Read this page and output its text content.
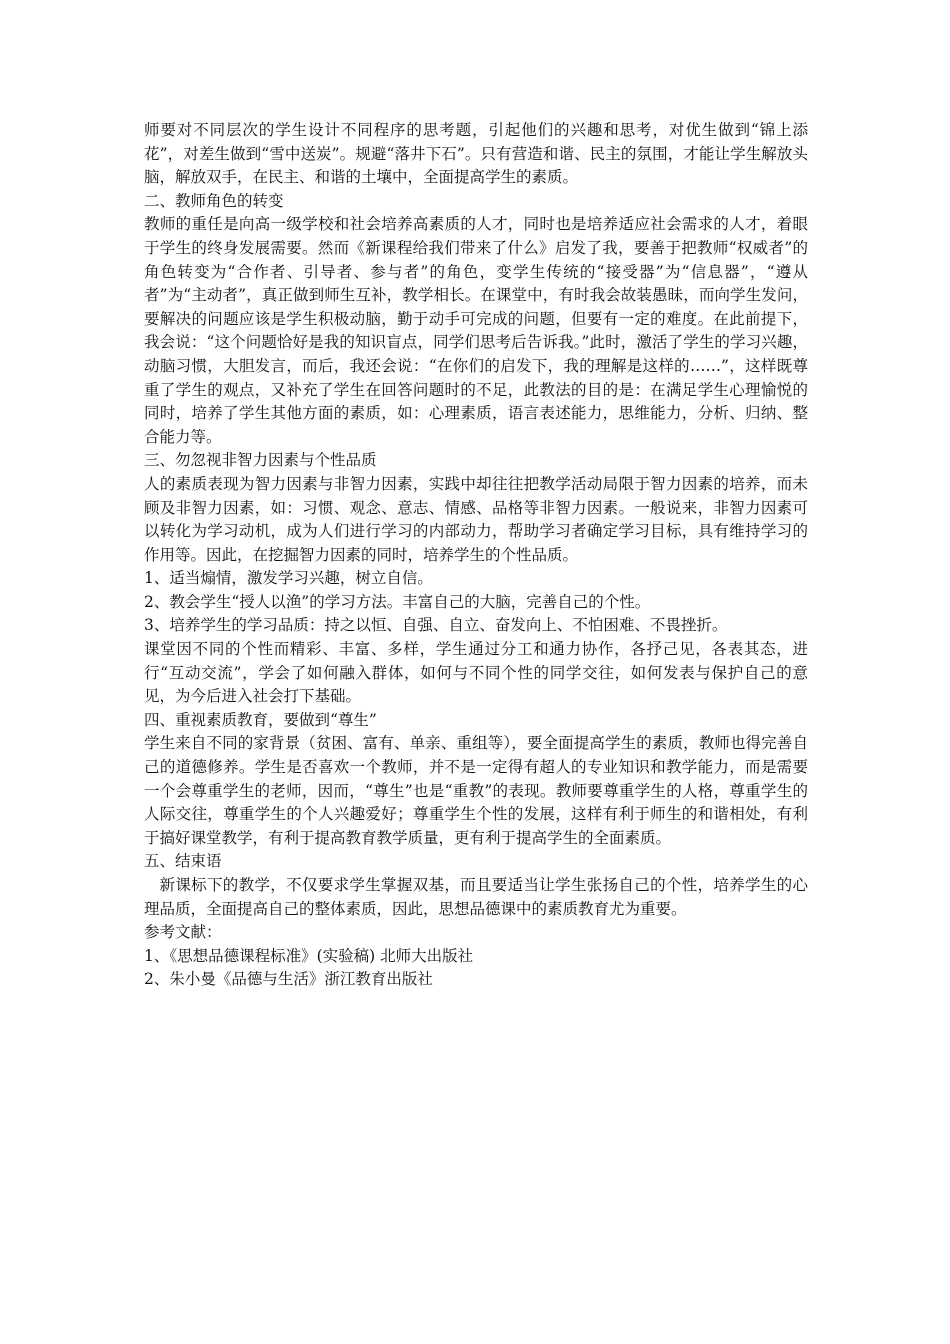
师要对不同层次的学生设计不同程序的思考题，引起他们的兴趣和思考，对优生做到“锦上添花”，对差生做到“雪中送炭”。规避“落井下石”。只有营造和谐、民主的氛围，才能让学生解放头脑，解放双手，在民主、和谐的土壤中，全面提高学生的素质。

二、教师角色的转变

教师的重任是向高一级学校和社会培养高素质的人才，同时也是培养适应社会需求的人才，着眼于学生的终身发展需要。然而《新课程给我们带来了什么》启发了我，要善于把教师“权威者”的角色转变为“合作者、引导者、参与者”的角色，变学生传统的“接受器”为“信息器”，“遵从者”为“主动者”，真正做到师生互补，教学相长。在课堂中，有时我会故装愚昧，而向学生发问，要解决的问题应该是学生积极动脑，勤于动手可完成的问题，但要有一定的难度。在此前提下，我会说：“这个问题恰好是我的知识盲点，同学们思考后告诉我。”此时，激活了学生的学习兴趣，动脑习惯，大胆发言，而后，我还会说：“在你们的启发下，我的理解是这样的……”，这样既尊重了学生的观点，又补充了学生在回答问题时的不足，此教法的目的是：在满足学生心理愉悦的同时，培养了学生其他方面的素质，如：心理素质，语言表述能力，思维能力，分析、归纳、整合能力等。

三、勿忽视非智力因素与个性品质

人的素质表现为智力因素与非智力因素，实践中却往往把教学活动局限于智力因素的培养，而未顾及非智力因素，如：习惯、观念、意志、情感、品格等非智力因素。一般说来，非智力因素可以转化为学习动机，成为人们进行学习的内部动力，帮助学习者确定学习目标，具有维持学习的作用等。因此，在挖掘智力因素的同时，培养学生的个性品质。

1、适当煽情，激发学习兴趣，树立自信。

2、教会学生“授人以渔”的学习方法。丰富自己的大脑，完善自己的个性。

3、培养学生的学习品质：持之以恒、自强、自立、奋发向上、不怕困难、不畏挫折。

课堂因不同的个性而精彩、丰富、多样，学生通过分工和通力协作，各抒己见，各表其态，进行“互动交流”，学会了如何融入群体，如何与不同个性的同学交往，如何发表与保护自己的意见，为今后进入社会打下基础。

四、重视素质教育，要做到“尊生”

学生来自不同的家背景（贫困、富有、单亲、重组等），要全面提高学生的素质，教师也得完善自己的道德修养。学生是否喜欢一个教师，并不是一定得有超人的专业知识和教学能力，而是需要一个会尊重学生的老师，因而，“尊生”也是“重教”的表现。教师要尊重学生的人格，尊重学生的人际交往，尊重学生的个人兴趣爱好；尊重学生个性的发展，这样有利于师生的和谐相处，有利于搞好课堂教学，有利于提高教育教学质量，更有利于提高学生的全面素质。

五、结束语

新课标下的教学，不仅要求学生掌握双基，而且要适当让学生张扬自己的个性，培养学生的心理品质，全面提高自己的整体素质，因此，思想品德课中的素质教育尤为重要。

参考文献：

1、《思想品德课程标准》(实验稿) 北师大出版社

2、朱小曼《品德与生活》浙江教育出版社
